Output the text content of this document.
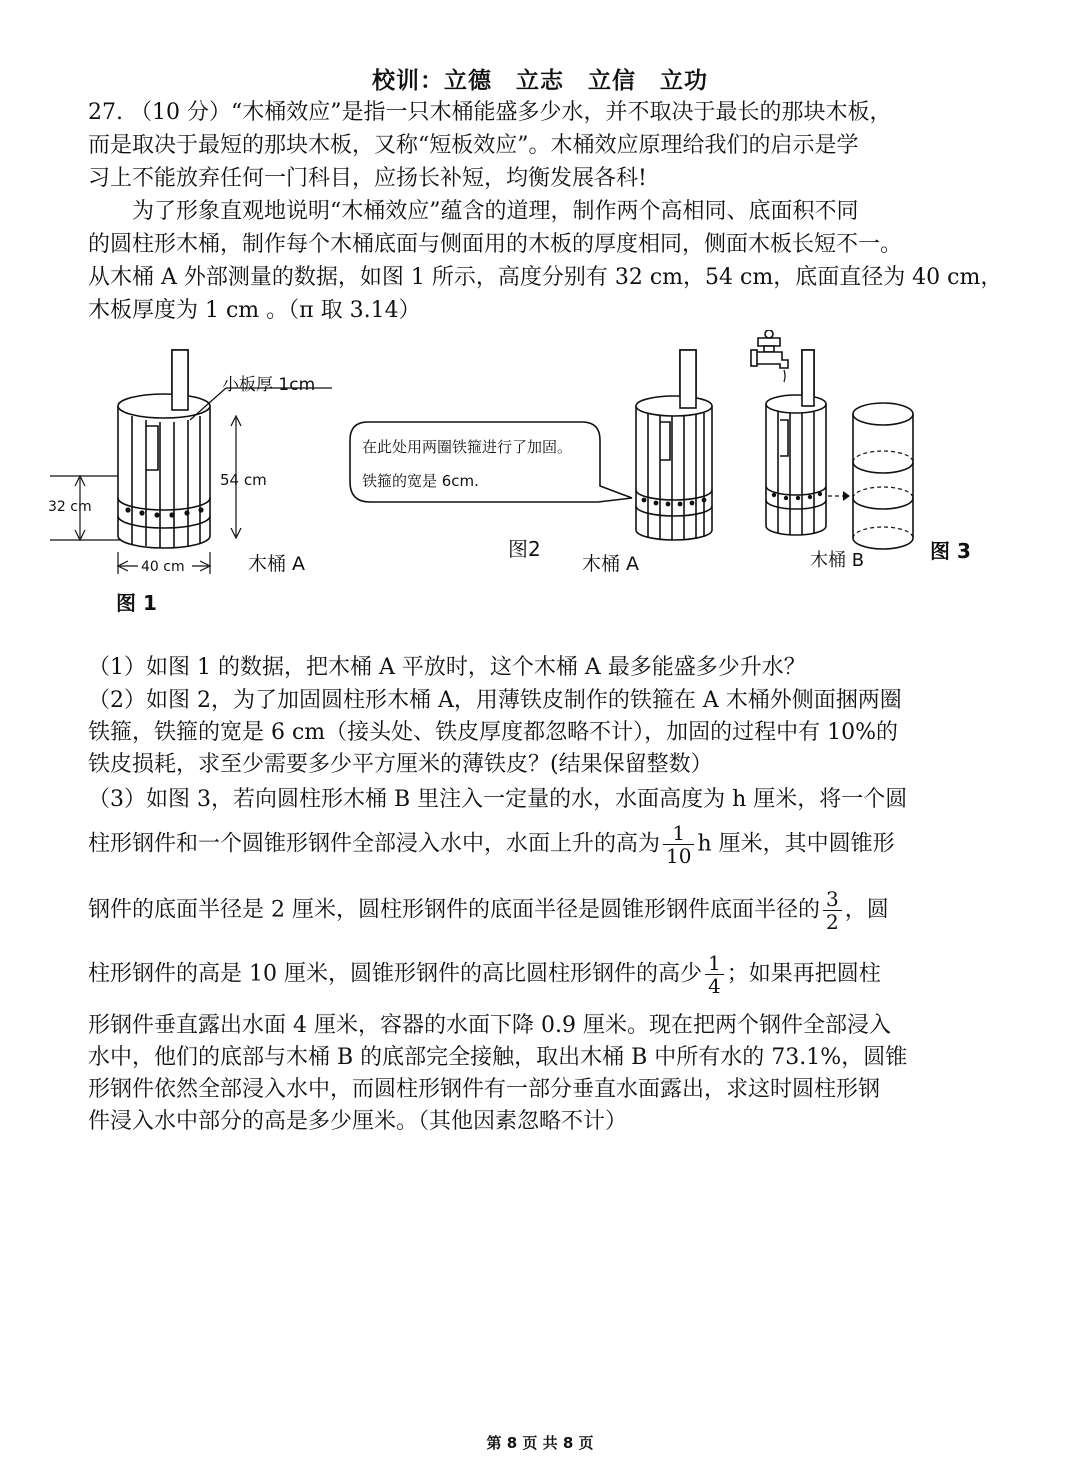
校训：立德　立志　立信　立功
27. （10 分）“木桶效应”是指一只木桶能盛多少水，并不取决于最长的那块木板，
而是取决于最短的那块木板，又称“短板效应”。木桶效应原理给我们的启示是学
习上不能放弃任何一门科目，应扬长补短，均衡发展各科!
为了形象直观地说明“木桶效应”蕴含的道理，制作两个高相同、底面积不同
的圆柱形木桶，制作每个木桶底面与侧面用的木板的厚度相同，侧面木板长短不一。
从木桶 A 外部测量的数据，如图 1 所示，高度分别有 32 cm，54 cm，底面直径为 40 cm，
木板厚度为 1 cm 。（π 取 3.14）
小板厚 1cm
54 cm
32 cm
40 cm	木桶 A
图 1
在此处用两圈铁箍进行了加固。
铁箍的宽是 6cm.
图2
木桶 A	木桶 B	图 3
（1）如图 1 的数据，把木桶 A 平放时，这个木桶 A 最多能盛多少升水？
（2）如图 2，为了加固圆柱形木桶 A，用薄铁皮制作的铁箍在 A 木桶外侧面捆两圈
铁箍，铁箍的宽是 6 cm（接头处、铁皮厚度都忽略不计），加固的过程中有 10%的
铁皮损耗，求至少需要多少平方厘米的薄铁皮？(结果保留整数）
（3）如图 3，若向圆柱形木桶 B 里注入一定量的水，水面高度为 h 厘米，将一个圆
柱形钢件和一个圆锥形钢件全部浸入水中，水面上升的高为 $\frac{1}{10}$ h 厘米，其中圆锥形
钢件的底面半径是 2 厘米，圆柱形钢件的底面半径是圆锥形钢件底面半径的 $\frac{3}{2}$ ，圆
柱形钢件的高是 10 厘米，圆锥形钢件的高比圆柱形钢件的高少 $\frac{1}{4}$ ；如果再把圆柱
形钢件垂直露出水面 4 厘米，容器的水面下降 0.9 厘米。现在把两个钢件全部浸入
水中，他们的底部与木桶 B 的底部完全接触，取出木桶 B 中所有水的 73.1%，圆锥
形钢件依然全部浸入水中，而圆柱形钢件有一部分垂直水面露出，求这时圆柱形钢
件浸入水中部分的高是多少厘米。（其他因素忽略不计）
第 8 页 共 8 页
